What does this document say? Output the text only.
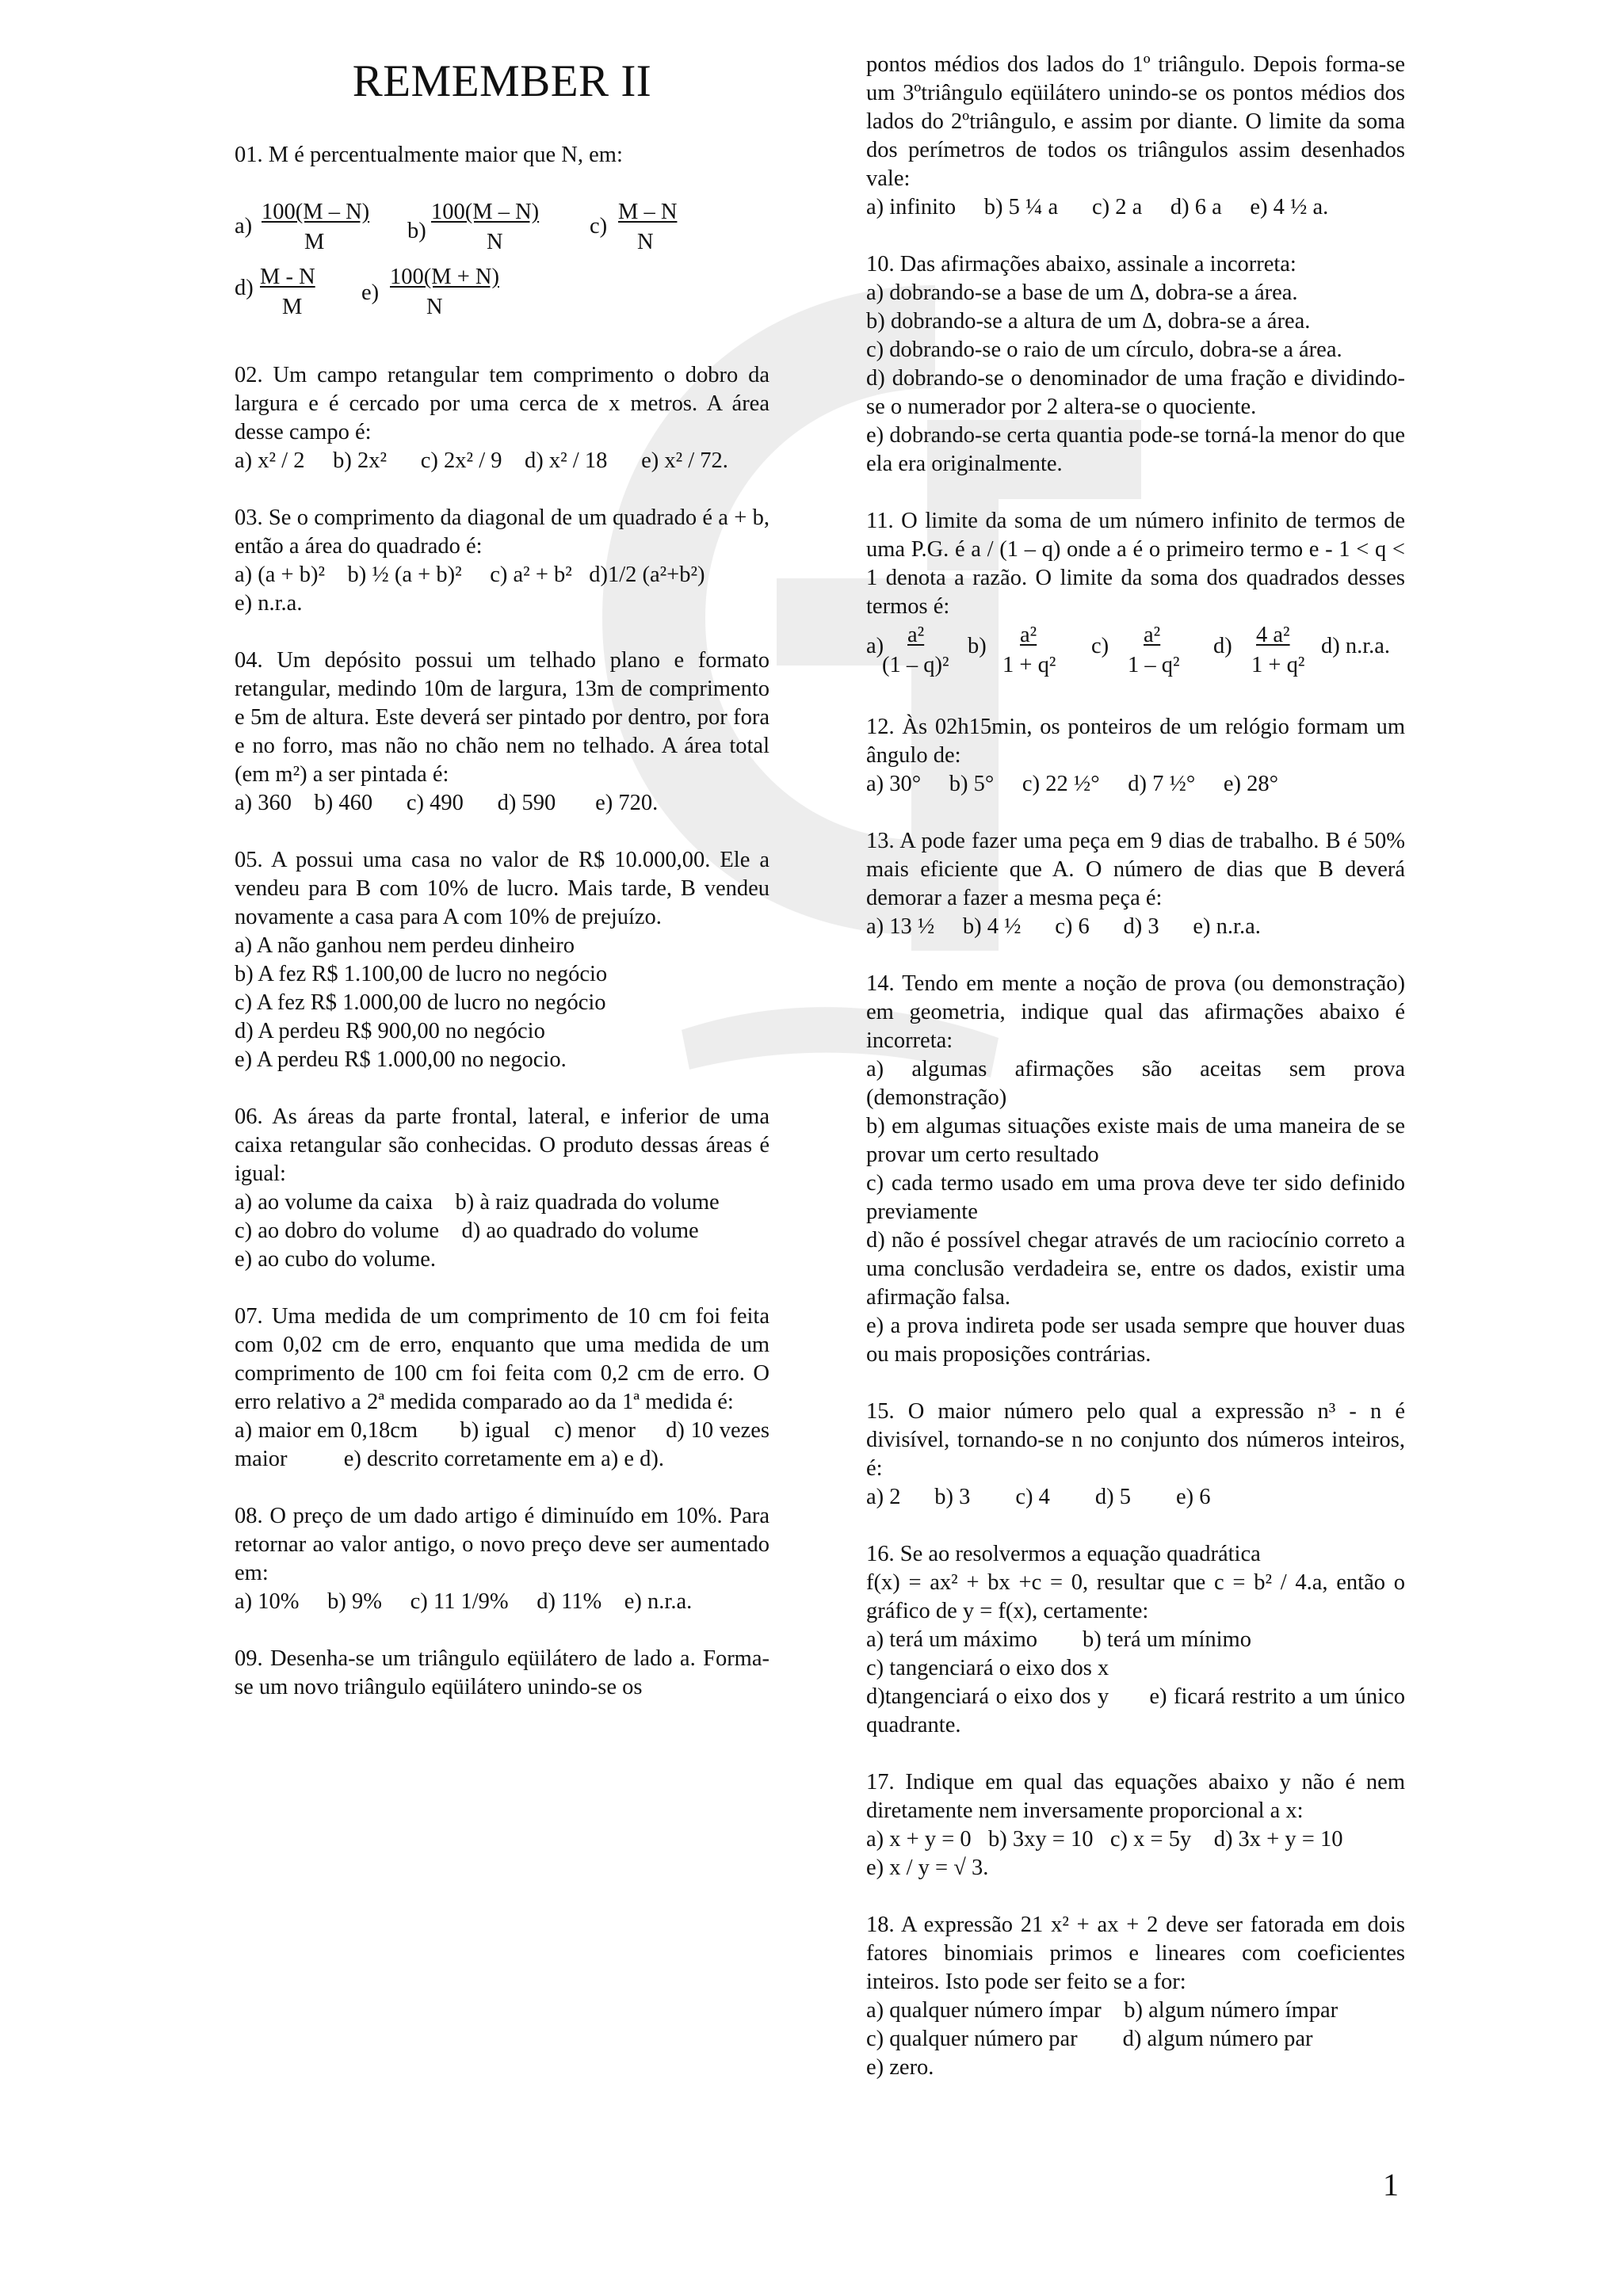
REMEMBER II

01. M é percentualmente maior que N, em:

a)
100(M – N)
M	b)
100(M – N)
N
c)
M – N
N
d) M - N
M
e)
100(M + N)
N

02. Um campo retangular tem comprimento o dobro da largura e é cercado por uma cerca de x metros. A área desse campo é:

a) x² / 2     b) 2x²      c) 2x² / 9    d) x² / 18      e) x² / 72.

03. Se o comprimento da diagonal de um quadrado é a + b, então a área do quadrado é:

a) (a + b)²    b) ½ (a + b)²     c) a² + b²   d)1/2 (a²+b²)

e) n.r.a.

04. Um depósito possui um telhado plano e formato retangular, medindo 10m de largura, 13m de comprimento e 5m de altura. Este deverá ser pintado por dentro, por fora e no forro, mas não no chão nem no telhado. A área total (em m²) a ser pintada é:

a) 360    b) 460      c) 490      d) 590       e) 720.

05. A possui uma casa no valor de R$ 10.000,00. Ele a vendeu para B com 10% de lucro. Mais tarde, B vendeu novamente a casa para A com 10% de prejuízo.

a) A não ganhou nem perdeu dinheiro

b) A fez R$ 1.100,00 de lucro no negócio

c) A fez R$ 1.000,00 de lucro no negócio

d) A perdeu R$ 900,00 no negócio

e) A perdeu R$ 1.000,00 no negocio.

06. As áreas da parte frontal, lateral, e inferior de uma caixa retangular são conhecidas. O produto dessas áreas é igual:

a) ao volume da caixa    b) à raiz quadrada do volume

c) ao dobro do volume    d) ao quadrado do volume

e) ao cubo do volume.

07. Uma medida de um comprimento de 10 cm foi feita com 0,02 cm de erro, enquanto que uma medida de um comprimento de 100 cm foi feita com 0,2 cm de erro. O erro relativo a 2ª medida comparado ao da 1ª medida é:

a) maior em 0,18cm       b) igual    c) menor     d) 10 vezes maior          e) descrito corretamente em a) e d).

08. O preço de um dado artigo é diminuído em 10%. Para retornar ao valor antigo, o novo preço deve ser aumentado em:

a) 10%     b) 9%     c) 11 1/9%     d) 11%    e) n.r.a.

09. Desenha-se um triângulo eqüilátero de lado a. Forma-se um novo triângulo eqüilátero unindo-se os

pontos médios dos lados do 1º triângulo. Depois forma-se um 3ºtriângulo eqüilátero unindo-se os pontos médios dos lados do 2ºtriângulo, e assim por diante. O limite da soma dos perímetros de todos os triângulos assim desenhados vale:

a) infinito     b) 5 ¼ a      c) 2 a     d) 6 a     e) 4 ½ a.

10. Das afirmações abaixo, assinale a incorreta:

a) dobrando-se a base de um Δ, dobra-se a área.

b) dobrando-se a altura de um Δ, dobra-se a área.

c) dobrando-se o raio de um círculo, dobra-se a área.

d) dobrando-se o denominador de uma fração e dividindo-se o numerador por 2 altera-se o quociente.

e) dobrando-se certa quantia pode-se torná-la menor do que ela era originalmente.

11. O limite da soma de um número infinito de termos de uma P.G. é a / (1 – q) onde a é o primeiro termo e - 1 < q < 1 denota a razão. O limite da soma dos quadrados desses termos é:

a) a²
(1 – q)²
b) a²
1 + q²
c) a²
1 – q²
d) 4 a²
1 + q²
d) n.r.a.

12. Às 02h15min, os ponteiros de um relógio formam um ângulo de:

a) 30°     b) 5°     c) 22 ½°     d) 7 ½°     e) 28°

13. A pode fazer uma peça em 9 dias de trabalho. B é 50% mais eficiente que A. O número de dias que B deverá demorar a fazer a mesma peça é:

a) 13 ½     b) 4 ½      c) 6      d) 3      e) n.r.a.

14. Tendo em mente a noção de prova (ou demonstração) em geometria, indique qual das afirmações abaixo é incorreta:

a) algumas afirmações são aceitas sem prova (demonstração)

b) em algumas situações existe mais de uma maneira de se provar um certo resultado

c) cada termo usado em uma prova deve ter sido definido previamente

d) não é possível chegar através de um raciocínio correto a uma conclusão verdadeira se, entre os dados, existir uma afirmação falsa.

e) a prova indireta pode ser usada sempre que houver duas ou mais proposições contrárias.

15. O maior número pelo qual a expressão n³ - n é divisível, tornando-se n no conjunto dos números inteiros, é:

a) 2      b) 3        c) 4        d) 5        e) 6

16. Se ao resolvermos a equação quadrática

f(x) = ax² + bx +c = 0, resultar que c = b² / 4.a, então o gráfico de y = f(x), certamente:

a) terá um máximo        b) terá um mínimo

c) tangenciará o eixo dos x

d)tangenciará o eixo dos y      e) ficará restrito a um único quadrante.

17. Indique em qual das equações abaixo y não é nem diretamente nem inversamente proporcional a x:

a) x + y = 0   b) 3xy = 10   c) x = 5y    d) 3x + y = 10

e) x / y = √ 3.

18. A expressão 21 x² + ax + 2 deve ser fatorada em dois fatores binomiais primos e lineares com coeficientes inteiros. Isto pode ser feito se a for:

a) qualquer número ímpar    b) algum número ímpar

c) qualquer número par        d) algum número par

e) zero.

1
